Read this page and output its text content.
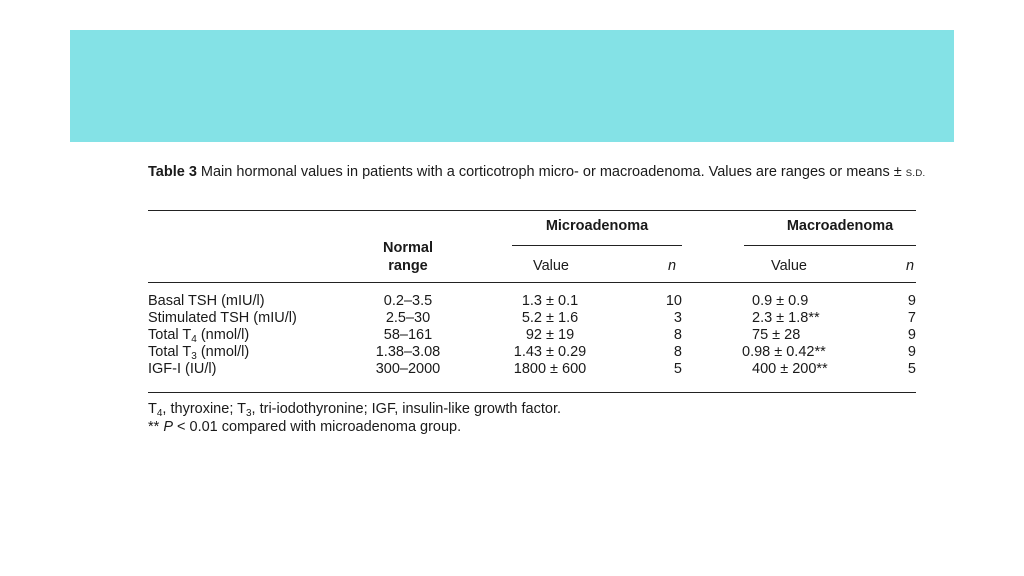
Table 3 Main hormonal values in patients with a corticotroph micro- or macroadenoma. Values are ranges or means ± S.D.
Microadenoma	Macroadenoma
Normal
range	Value	n	Value	n
Basal TSH (mIU/l)	0.2–3.5	1.3 ± 0.1	10	0.9 ± 0.9	9
Stimulated TSH (mIU/l)	2.5–30	5.2 ± 1.6	3	2.3 ± 1.8**	7
Total $T_4$ (nmol/l)	58–161	92 ± 19	8	75 ± 28	9
Total $T_3$ (nmol/l)	1.38–3.08	1.43 ± 0.29	8	0.98 ± 0.42**	9
IGF-I (IU/l)	300–2000	1800 ± 600	5	400 ± 200**	5
$T_4$, thyroxine; $T_3$, tri-iodothyronine; IGF, insulin-like growth factor.
** P < 0.01 compared with microadenoma group.
